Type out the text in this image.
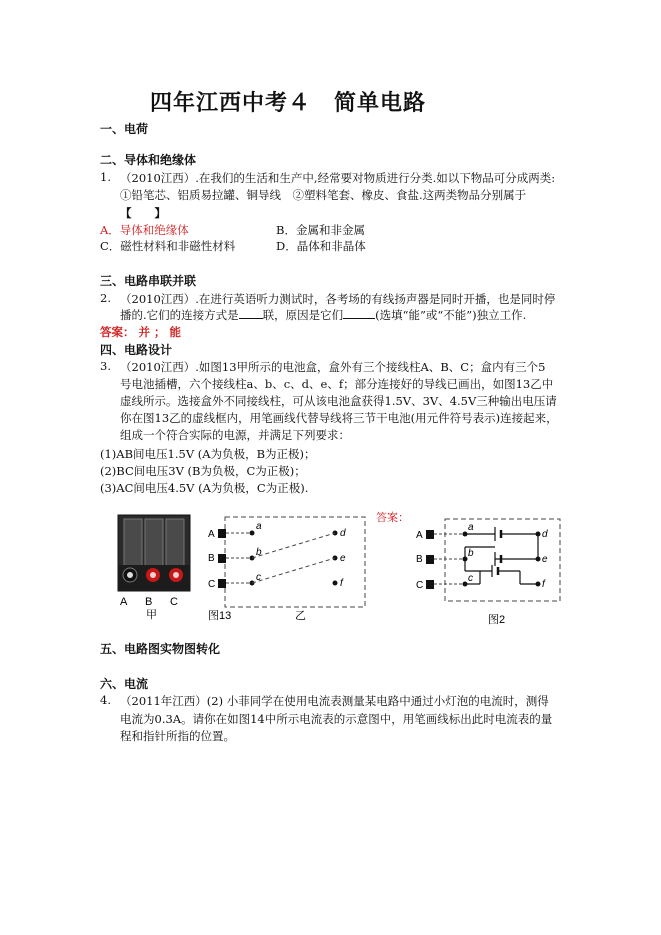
四年江西中考４　简单电路
一、电荷
二、导体和绝缘体
1. （2010江西）.在我们的生活和生产中,经常要对物质进行分类.如以下物品可分成两类:
①铅笔芯、铝质易拉罐、铜导线　②塑料笔套、橡皮、食盐.这两类物品分别属于
【　　】
A．导体和绝缘体	B．金属和非金属
C．磁性材料和非磁性材料	D．晶体和非晶体
三、电路串联并联
2. （2010江西）.在进行英语听力测试时，各考场的有线扬声器是同时开播，也是同时停
播的.它们的连接方式是 联，原因是它们	(选填“能”或“不能”)独立工作.
答案： 并 ； 能
四、电路设计
3. （2010江西）.如图13甲所示的电池盒，盒外有三个接线柱A、B、C；盒内有三个5
号电池插槽，六个接线柱a、b、c、d、e、f；部分连接好的导线已画出，如图13乙中
虚线所示。选接盒外不同接线柱，可从该电池盒获得1.5V、3V、4.5V三种输出电压请
你在图13乙的虚线框内，用笔画线代替导线将三节干电池(用元件符号表示)连接起来，
组成一个符合实际的电源，并满足下列要求：
(1)AB间电压1.5V (A为负极，B为正极)；
(2)BC间电压3V (B为负极，C为正极)；
(3)AC间电压4.5V (A为负极，C为正极).
A B C
甲
A
B
C
a
b
c
d
e
f
图13	乙
答案：
A
B
C
a
b
c
d
e
f
图2
五、电路图实物图转化
六、电流
4. （2011年江西）(2) 小菲同学在使用电流表测量某电路中通过小灯泡的电流时，测得
电流为0.3A。请你在如图14中所示电流表的示意图中，用笔画线标出此时电流表的量
程和指针所指的位置。
